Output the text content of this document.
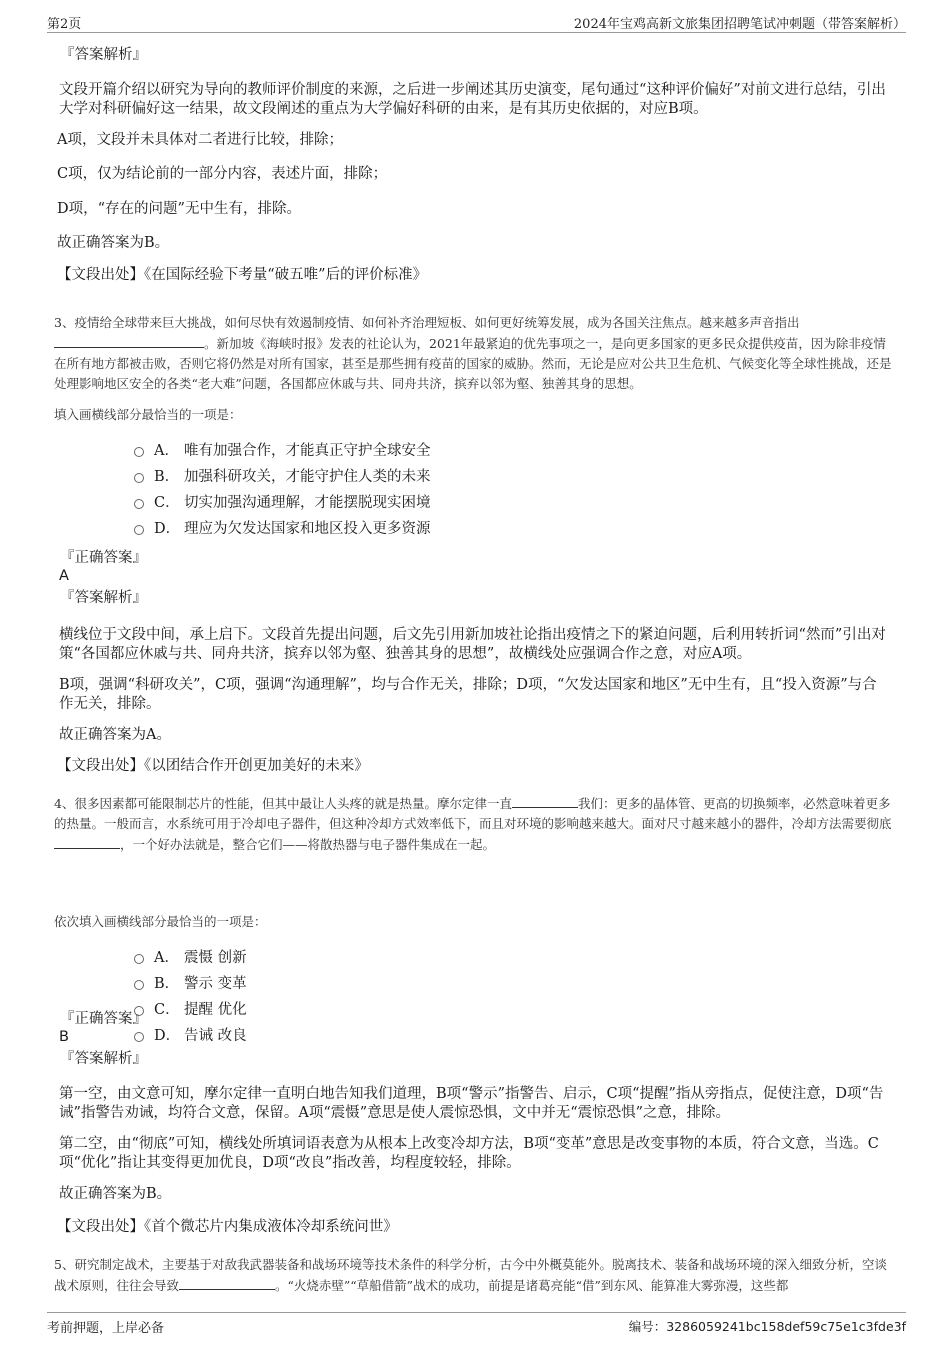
第2页	2024年宝鸡高新文旅集团招聘笔试冲刺题（带答案解析）
『答案解析』

文段开篇介绍以研究为导向的教师评价制度的来源，之后进一步阐述其历史演变，尾句通过“这种评价偏好”对前文进行总结，引出大学对科研偏好这一结果，故文段阐述的重点为大学偏好科研的由来，是有其历史依据的，对应B项。

A项，文段并未具体对二者进行比较，排除；

C项，仅为结论前的一部分内容，表述片面，排除；

D项，“存在的问题”无中生有，排除。

故正确答案为B。

【文段出处】《在国际经验下考量“破五唯”后的评价标准》

3、疫情给全球带来巨大挑战，如何尽快有效遏制疫情、如何补齐治理短板、如何更好统筹发展，成为各国关注焦点。越来越多声音指出
。新加坡《海峡时报》发表的社论认为，2021年最紧迫的优先事项之一，是向更多国家的更多民众提供疫苗，因为除非疫情在所有地方都被击败，否则它将仍然是对所有国家，甚至是那些拥有疫苗的国家的威胁。然而，无论是应对公共卫生危机、气候变化等全球性挑战，还是处理影响地区安全的各类“老大难”问题，各国都应休戚与共、同舟共济，摈弃以邻为壑、独善其身的思想。

填入画横线部分最恰当的一项是：
A． 唯有加强合作，才能真正守护全球安全
B． 加强科研攻关，才能守护住人类的未来
C． 切实加强沟通理解，才能摆脱现实困境
D． 理应为欠发达国家和地区投入更多资源
『正确答案』
A
『答案解析』

横线位于文段中间，承上启下。文段首先提出问题，后文先引用新加坡社论指出疫情之下的紧迫问题，后利用转折词“然而”引出对策“各国都应休戚与共、同舟共济，摈弃以邻为壑、独善其身的思想”，故横线处应强调合作之意，对应A项。

B项，强调“科研攻关”，C项，强调“沟通理解”，均与合作无关，排除；D项，“欠发达国家和地区”无中生有，且“投入资源”与合作无关，排除。

故正确答案为A。

【文段出处】《以团结合作开创更加美好的未来》

4、很多因素都可能限制芯片的性能，但其中最让人头疼的就是热量。摩尔定律一直	我们：更多的晶体管、更高的切换频率，必然意味着更多的热量。一般而言，水系统可用于冷却电子器件，但这种冷却方式效率低下，而且对环境的影响越来越大。面对尺寸越来越小的器件，冷却方法需要彻底，一个好办法就是，整合它们——将散热器与电子器件集成在一起。

依次填入画横线部分最恰当的一项是：
A． 震慑 创新
B． 警示 变革
C． 提醒 优化
D． 告诫 改良
『正确答案』
B
『答案解析』

第一空，由文意可知，摩尔定律一直明白地告知我们道理，B项“警示”指警告、启示，C项“提醒”指从旁指点，促使注意，D项“告诫”指警告劝诫，均符合文意，保留。A项“震慑”意思是使人震惊恐惧，文中并无“震惊恐惧”之意，排除。

第二空，由“彻底”可知，横线处所填词语表意为从根本上改变冷却方法，B项“变革”意思是改变事物的本质，符合文意，当选。C项“优化”指让其变得更加优良，D项“改良”指改善，均程度较轻，排除。

故正确答案为B。

【文段出处】《首个微芯片内集成液体冷却系统问世》

5、研究制定战术，主要基于对敌我武器装备和战场环境等技术条件的科学分析，古今中外概莫能外。脱离技术、装备和战场环境的深入细致分析，空谈战术原则，往往会导致	。“火烧赤壁”“草船借箭”战术的成功，前提是诸葛亮能“借”到东风、能算准大雾弥漫，这些都

考前押题，上岸必备	编号：3286059241bc158def59c75e1c3fde3f
